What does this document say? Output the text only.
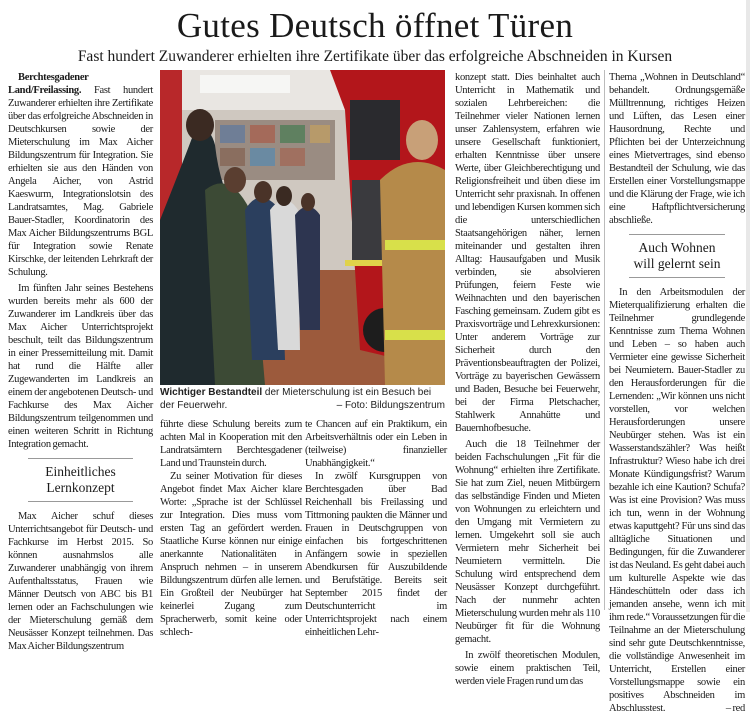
Gutes Deutsch öffnet Türen
Fast hundert Zuwanderer erhielten ihre Zertifikate über das erfolgreiche Abschneiden in Kursen

Berchtesgadener Land/Freilassing. Fast hundert Zuwanderer erhielten ihre Zertifikate über das erfolgreiche Abschneiden in Deutschkursen sowie der Mieterschulung im Max Aicher Bildungszentrum für Integration. Sie erhielten sie aus den Händen von Angela Aicher, von Astrid Kaeswurm, Integrationslotsin des Landratsamtes, Mag. Gabriele Bauer-Stadler, Koordinatorin des Max Aicher Bildungszentrums BGL für Integration sowie Renate Kirschke, der leitenden Lehrkraft der Schulung.

Im fünften Jahr seines Bestehens wurden bereits mehr als 600 der Zuwanderer im Landkreis über das Max Aicher Unterrichtsprojekt beschult, teilt das Bildungszentrum in einer Pressemitteilung mit. Damit hat rund die Hälfte aller Zugewanderten im Landkreis an einem der angebotenen Deutsch- und Fachkurse des Max Aicher Bildungszentrum teilgenommen und einen weiteren Schritt in Richtung Integration gemacht.

Einheitliches
Lernkonzept

Max Aicher schuf dieses Unterrichtsangebot für Deutsch- und Fachkurse im Herbst 2015. So können ausnahmslos alle Zuwanderer unabhängig von ihrem Aufenthaltsstatus, Frauen wie Männer Deutsch von ABC bis B1 lernen oder an Fachschulungen wie der Mieterschulung gemäß dem Neusässer Konzept teilnehmen. Das Max Aicher Bildungszentrum

Wichtiger Bestandteil der Mieterschulung ist ein Besuch bei der Feuerwehr.	– Foto: Bildungszentrum

führte diese Schulung bereits zum achten Mal in Kooperation mit den Landratsämtern Berchtesgadener Land und Traunstein durch.

Zu seiner Motivation für dieses Angebot findet Max Aicher klare Worte: „Sprache ist der Schlüssel zur Integration. Dies muss vom ersten Tag an gefördert werden. Staatliche Kurse können nur einige anerkannte Nationalitäten in Anspruch nehmen – in unserem Bildungszentrum dürfen alle lernen. Ein Großteil der Neubürger hat keinerlei Zugang zum Spracherwerb, somit keine oder schlech-

te Chancen auf ein Praktikum, ein Arbeitsverhältnis oder ein Leben in (teilweise) finanzieller Unabhängigkeit.“

In zwölf Kursgruppen von Berchtesgaden über Bad Reichenhall bis Freilassing und Tittmoning paukten die Männer und Frauen in Deutschgruppen von einfachen bis fortgeschrittenen Anfängern sowie in speziellen Abendkursen für Auszubildende und Berufstätige. Bereits seit September 2015 findet der Deutschunterricht im Unterrichtsprojekt nach einem einheitlichen Lehr-

konzept statt. Dies beinhaltet auch Unterricht in Mathematik und sozialen Lehrbereichen: die Teilnehmer vieler Nationen lernen unser Zahlensystem, erfahren wie unsere Gesellschaft funktioniert, erhalten Kenntnisse über unsere Werte, über Gleichberechtigung und Religionsfreiheit und üben diese im Unterricht sehr praxisnah. In offenen und lebendigen Kursen kommen sich die unterschiedlichen Staatsangehörigen näher, lernen miteinander und gestalten ihren Alltag: Hausaufgaben und Musik verbinden, sie absolvieren Prüfungen, feiern Feste wie Weihnachten und den bayerischen Fasching gemeinsam. Zudem gibt es Praxisvorträge und Lehrexkursionen: Unter anderem Vorträge zur Sicherheit durch den Präventionsbeauftragten der Polizei, Vorträge zu bayerischen Gewässern und Baden, Besuche bei Feuerwehr, bei der Firma Pletschacher, Stahlwerk Annahütte und Bauernhofbesuche.

Auch die 18 Teilnehmer der beiden Fachschulungen „Fit für die Wohnung“ erhielten ihre Zertifikate. Sie hat zum Ziel, neuen Mitbürgern das selbständige Finden und Mieten von Wohnungen zu erleichtern und den Umgang mit Vermietern zu lernen. Umgekehrt soll sie auch Vermietern mehr Sicherheit bei Neumietern vermitteln. Die Schulung wird entsprechend dem Neusässer Konzept durchgeführt. Nach der nunmehr achten Mieterschulung wurden mehr als 110 Neubürger fit für die Wohnung gemacht.

In zwölf theoretischen Modulen, sowie einem praktischen Teil, werden viele Fragen rund um das

Thema „Wohnen in Deutschland“ behandelt. Ordnungsgemäße Mülltrennung, richtiges Heizen und Lüften, das Lesen einer Hausordnung, Rechte und Pflichten bei der Unterzeichnung eines Mietvertrages, sind ebenso Bestandteil der Schulung, wie das Erstellen einer Vorstellungsmappe und die Klärung der Frage, wie ich eine Haftpflichtversicherung abschließe.

Auch Wohnen
will gelernt sein

In den Arbeitsmodulen der Mieterqualifizierung erhalten die Teilnehmer grundlegende Kenntnisse zum Thema Wohnen und Leben – so haben auch Vermieter eine gewisse Sicherheit bei Neumietern. Bauer-Stadler zu den Herausforderungen für die Lernenden: „Wir können uns nicht vorstellen, vor welchen Herausforderungen unsere Neubürger stehen. Was ist ein Wasserstandszähler? Was heißt Infrastruktur? Wieso habe ich drei Monate Kündigungsfrist? Warum bezahle ich eine Kaution? Schufa? Was ist eine Provision? Was muss ich tun, wenn in der Wohnung etwas kaputtgeht? Für uns sind das alltägliche Situationen und Bedingungen, für die Zuwanderer ist das Neuland. Es geht dabei auch um kulturelle Aspekte wie das Händeschütteln oder dass ich jemanden ansehe, wenn ich mit ihm rede.“ Voraussetzungen für die Teilnahme an der Mieterschulung sind sehr gute Deutschkenntnisse, die vollständige Anwesenheit im Unterricht, Erstellen einer Vorstellungsmappe sowie ein positives Abschneiden im Abschlusstest.	– red
